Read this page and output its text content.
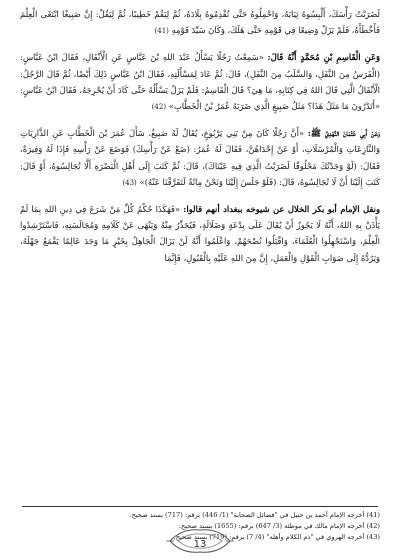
لَضَرَبْتُ رَأْسَكَ، أَلْبِسُوهُ ثِيَابَهُ، وَاحْمِلُوهُ حَتَّى تُقْدِمُوهُ بِلَادَهُ، ثُمَّ لِيَقُمْ خَطِيبًا، ثُمَّ لِيَقُلْ: إِنَّ صَبِيغًا ابْتَغَى الْعِلْمَ فَأَخْطَأَهُ، فَلَمْ يَزَلْ وَضِيعًا فِي قَوْمِهِ حَتَّى هَلَكَ، وَكَانَ سَيِّدَ قَوْمِهِ (41)

وَعَنِ الْقَاسِمِ بْنِ مُحَمَّدٍ أَنَّهُ قَالَ: «سَمِعْتُ رَجُلًا يَسْأَلُ عَبْدَ اللهِ بْنَ عَبَّاسٍ عَنِ الْأَنْفَالِ، فَقَالَ ابْنُ عَبَّاسٍ: (الْفَرَسُ مِنَ النَّفَلِ، وَالسَّلَبُ مِنَ النَّفَلِ)، قَالَ: ثُمَّ عَادَ لِمَسْأَلَتِهِ، فَقَالَ ابْنُ عَبَّاسٍ ذَلِكَ أَيْضًا، ثُمَّ قَالَ الرَّجُلُ: الْأَنْفَالُ الَّتِي قَالَ اللهُ فِي كِتَابِهِ، مَا هِيَ؟ قَالَ الْقَاسِمُ: فَلَمْ يَزَلْ يَسْأَلُهُ حَتَّى كَادَ أَنْ يُحْرِجَهُ، فَقَالَ ابْنُ عَبَّاسٍ: «أَتَدْرُونَ مَا مَثَلُ هَذَا؟ مَثَلُ صَبِيغٍ الَّذِي ضَرَبَهُ عُمَرُ بْنُ الْخَطَّابِ» (42)

وَعَنْ أَبِي عُثْمَانَ النَّهْدِيِّ ﷺ: «أَنَّ رَجُلًا كَانَ مِنْ بَنِي يَرْبُوعٍ، يُقَالُ لَهُ صَبِيغٌ، سَأَلَ عُمَرَ بْنَ الْخَطَّابِ عَنِ الذَّارِيَاتِ وَالنَّازِعَاتِ وَالْمُرْسَلَاتِ، أَوْ عَنْ إِحْدَاهُنَّ، فَقَالَ لَهُ عُمَرُ: (ضَعْ عَنْ رَأْسِكَ) فَوَضَعَ عَنْ رَأْسِهِ فَإِذَا لَهُ وَفِيرَةٌ، فَقَالَ: (لَوْ وَجَدْتُكَ مَحْلُوقًا لَضَرَبْتُ الَّذِي فِيهِ عَيْنَاكَ)، قَالَ: ثُمَّ كَتَبَ إِلَى أَهْلِ الْبَصْرَةِ أَلَّا تُجَالِسُوهُ، أَوْ قَالَ: كَتَبَ إِلَيْنَا أَنْ لَا تُجَالِسُوهُ، قَالَ: (فَلَوْ جَلَسَ إِلَيْنَا وَنَحْنُ مِائَةٌ لَتَفَرَّقْنَا عَنْهُ)» (43)

ونقل الإمام أبو بكر الخلال عن شيوخه ببغداد أنهم قالوا: «فَهَكَذَا حُكْمُ كُلِّ مَنْ شَرَعَ فِي دِينِ اللهِ بِمَا لَمْ يَأْذَنْ بِهِ اللهُ، أَنَّهُ لَا يَجُوزُ أَنْ يُقَالَ عَلَى بِدْعَةٍ وَضَلَالَةٍ، فَيُحَذِّرُ مِنْهُ وَيَنْهَى عَنْ كَلَامِهِ وَمُجَالَسَتِهِ، فَاسْتَرْشِدُوا الْعِلْمَ، وَاسْتَجْهِلُوا الْعُلَمَاءَ، وَاقْبَلُوا نُصْحَهُمْ، وَاعْلَمُوا أَنَّهُ لَنْ يَزَالَ الْجَاهِلُ بِخَيْرٍ مَا وَجَدَ عَالِمًا يَقْمَعُ جَهْلَهُ، وَيَرُدُّهُ إِلَى صَوَابِ الْقَوْلِ وَالْعَمَلِ، إِنَّ مِنَ اللهِ عَلَيْهِ بِالْقَبُولِ، فَإِنَّمَا

(41) أخرجه الإمام أحمد بن حنبل في "فضائل الصحابة" (1/ 446) برقم: (717) بسند صحيح.

(42) أخرجه الإمام مالك في موطئه (3/ 647) برقم: (1655) بسند صحيح.

(43) أخرجه الهروي في "ذم الكلام وأهله" (4/ 7) برقم: (719) بسند صحيح.

13
